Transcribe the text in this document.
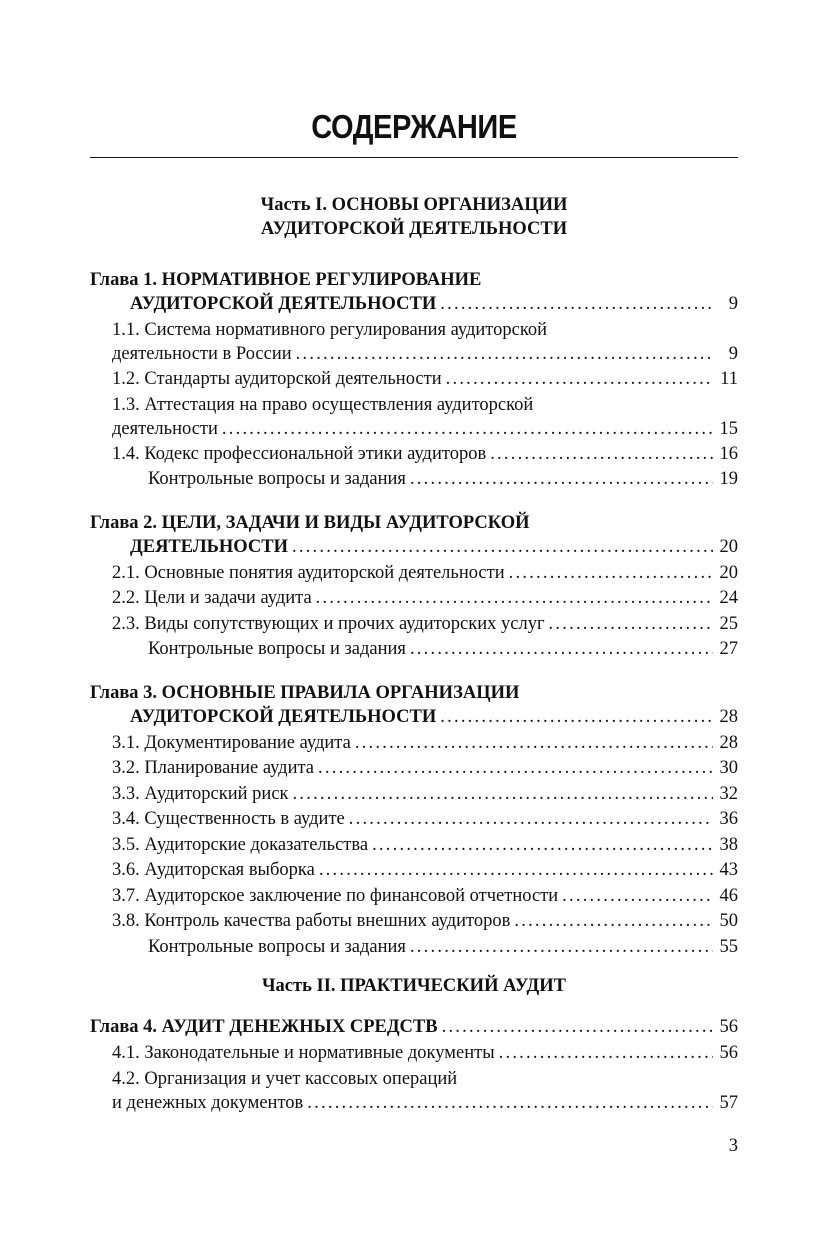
СОДЕРЖАНИЕ
Часть I. ОСНОВЫ ОРГАНИЗАЦИИ
АУДИТОРСКОЙ ДЕЯТЕЛЬНОСТИ
Глава 1. НОРМАТИВНОЕ РЕГУЛИРОВАНИЕ
АУДИТОРСКОЙ ДЕЯТЕЛЬНОСТИ . . .	9
1.1. Система нормативного регулирования аудиторской
деятельности в России . . .	9
1.2. Стандарты аудиторской деятельности . . .	11
1.3. Аттестация на право осуществления аудиторской
деятельности . . .	15
1.4. Кодекс профессиональной этики аудиторов . . .	16
Контрольные вопросы и задания . . .	19
Глава 2. ЦЕЛИ, ЗАДАЧИ И ВИДЫ АУДИТОРСКОЙ
ДЕЯТЕЛЬНОСТИ . . .	20
2.1. Основные понятия аудиторской деятельности . . .	20
2.2. Цели и задачи аудита . . .	24
2.3. Виды сопутствующих и прочих аудиторских услуг . . .	25
Контрольные вопросы и задания . . .	27
Глава 3. ОСНОВНЫЕ ПРАВИЛА ОРГАНИЗАЦИИ
АУДИТОРСКОЙ ДЕЯТЕЛЬНОСТИ . . .	28
3.1. Документирование аудита . . .	28
3.2. Планирование аудита . . .	30
3.3. Аудиторский риск . . .	32
3.4. Существенность в аудите . . .	36
3.5. Аудиторские доказательства . . .	38
3.6. Аудиторская выборка . . .	43
3.7. Аудиторское заключение по финансовой отчетности . . .	46
3.8. Контроль качества работы внешних аудиторов . . .	50
Контрольные вопросы и задания . . .	55
Часть II. ПРАКТИЧЕСКИЙ АУДИТ
Глава 4. АУДИТ ДЕНЕЖНЫХ СРЕДСТВ . . .	56
4.1. Законодательные и нормативные документы . . .	56
4.2. Организация и учет кассовых операций
и денежных документов . . .	57
3
